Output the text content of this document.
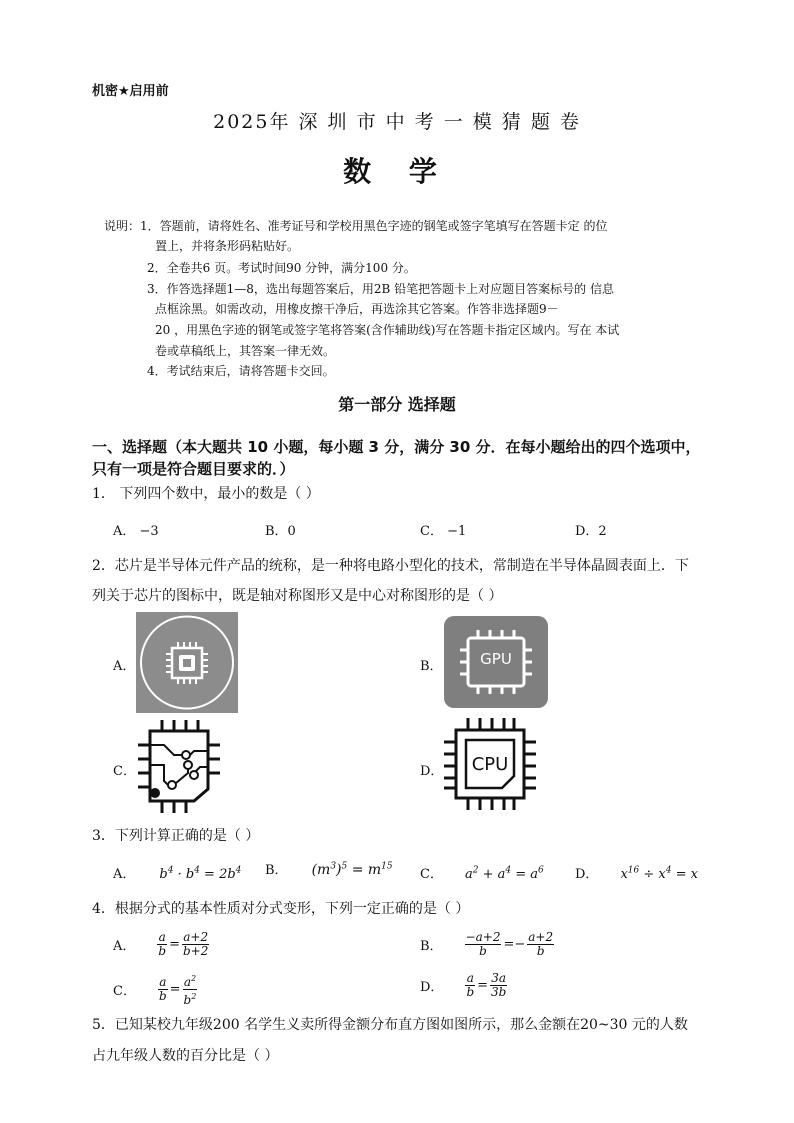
机密★启用前
2025年 深 圳 市 中 考 一 模 猜 题 卷
数 学
说明：1．答题前，请将姓名、准考证号和学校用黑色字迹的钢笔或签字笔填写在答题卡定 的位
置上，并将条形码粘贴好。
2．全卷共6 页。考试时间90 分钟，满分100 分。
3．作答选择题1—8，选出每题答案后，用2B 铅笔把答题卡上对应题目答案标号的 信息
点框涂黑。如需改动，用橡皮擦干净后，再选涂其它答案。作答非选择题9－
20 ，用黑色字迹的钢笔或签字笔将答案(含作辅助线)写在答题卡指定区域内。写在 本试
卷或草稿纸上，其答案一律无效。
4．考试结束后，请将答题卡交回。
第一部分 选择题
一、选择题（本大题共 10 小题，每小题 3 分，满分 30 分．在每小题给出的四个选项中，
只有一项是符合题目要求的．）
1． 下列四个数中，最小的数是（ ）
A． −3	B．0	C． −1	D．2
2．芯片是半导体元件产品的统称，是一种将电路小型化的技术，常制造在半导体晶圆表面上．下
列关于芯片的图标中，既是轴对称图形又是中心对称图形的是（ ）
A．	B．	GPU
C．	D．	CPU
3．下列计算正确的是（ ）
A． $b^4 \cdot b^4 = 2b^4$ B． $(m^3)^5 = m^{15}$
C． $a^2 + a^4 = a^6$ D． $x^{16} \div x^4 = x$
4．根据分式的基本性质对分式变形，下列一定正确的是（ ）
A． $\frac{a}{b} = \frac{a+2}{b+2}$	B． $\frac{-a+2}{b} =- \frac{a+2}{b}$
C． $\frac{a}{b} = \frac{a^2}{b^2}$	D． $\frac{a}{b} = \frac{3a}{3b}$
5．已知某校九年级200 名学生义卖所得金额分布直方图如图所示，那么金额在20~30 元的人数
占九年级人数的百分比是（ ）
